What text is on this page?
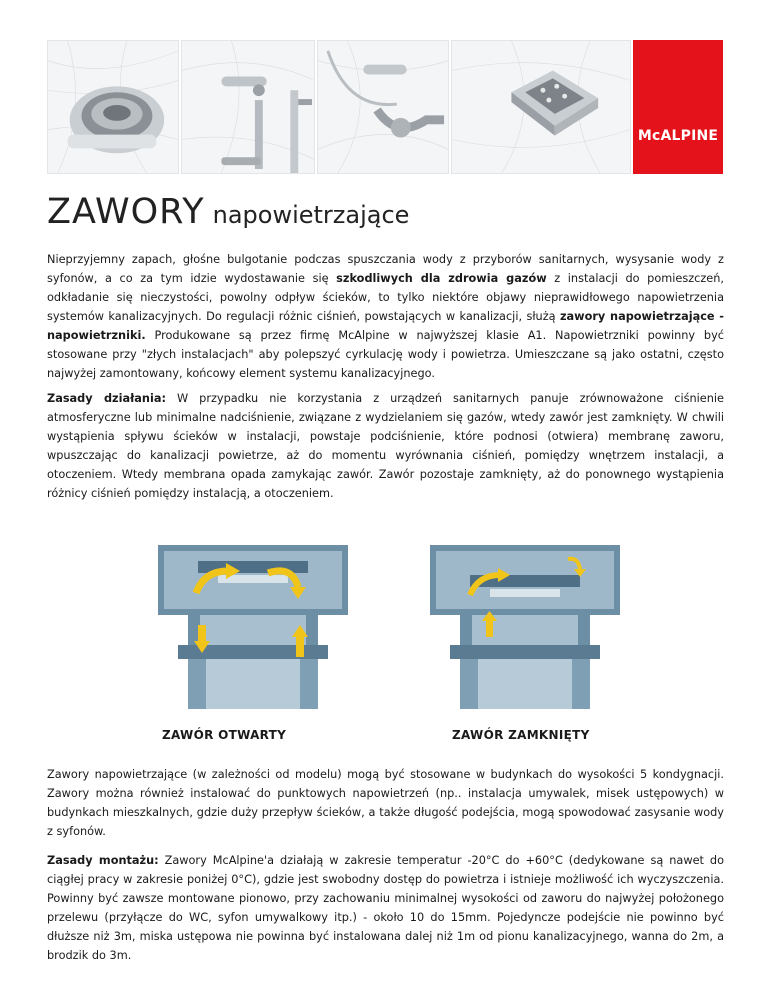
McALPINE
ZAWORY napowietrzające

Nieprzyjemny zapach, głośne bulgotanie podczas spuszczania wody z przyborów sanitarnych, wysysanie wody z syfonów, a co za tym idzie wydostawanie się szkodliwych dla zdrowia gazów z instalacji do pomieszczeń, odkładanie się nieczystości, powolny odpływ ścieków, to tylko niektóre objawy nieprawidłowego napowietrzenia systemów kanalizacyjnych. Do regulacji różnic ciśnień, powstających w kanalizacji, służą zawory napowietrzające - napowietrzniki. Produkowane są przez firmę McAlpine w najwyższej klasie A1. Napowietrzniki powinny być stosowane przy "złych instalacjach" aby polepszyć cyrkulację wody i powietrza. Umieszczane są jako ostatni, często najwyżej zamontowany, końcowy element systemu kanalizacyjnego.

Zasady działania: W przypadku nie korzystania z urządzeń sanitarnych panuje zrównoważone ciśnienie atmosferyczne lub minimalne nadciśnienie, związane z wydzielaniem się gazów, wtedy zawór jest zamknięty. W chwili wystąpienia spływu ścieków w instalacji, powstaje podciśnienie, które podnosi (otwiera) membranę zaworu, wpuszczając do kanalizacji powietrze, aż do momentu wyrównania ciśnień, pomiędzy wnętrzem instalacji, a otoczeniem. Wtedy membrana opada zamykając zawór. Zawór pozostaje zamknięty, aż do ponownego wystąpienia różnicy ciśnień pomiędzy instalacją, a otoczeniem.

ZAWÓR OTWARTY	ZAWÓR ZAMKNIĘTY

Zawory napowietrzające (w zależności od modelu) mogą być stosowane w budynkach do wysokości 5 kondygnacji. Zawory można również instalować do punktowych napowietrzeń (np.. instalacja umywalek, misek ustępowych) w budynkach mieszkalnych, gdzie duży przepływ ścieków, a także długość podejścia, mogą spowodować zasysanie wody z syfonów.

Zasady montażu: Zawory McAlpine'a działają w zakresie temperatur -20°C do +60°C (dedykowane są nawet do ciągłej pracy w zakresie poniżej 0°C), gdzie jest swobodny dostęp do powietrza i istnieje możliwość ich wyczyszczenia. Powinny być zawsze montowane pionowo, przy zachowaniu minimalnej wysokości od zaworu do najwyżej położonego przelewu (przyłącze do WC, syfon umywalkowy itp.) - około 10 do 15mm. Pojedyncze podejście nie powinno być dłuższe niż 3m, miska ustępowa nie powinna być instalowana dalej niż 1m od pionu kanalizacyjnego, wanna do 2m, a brodzik do 3m.
